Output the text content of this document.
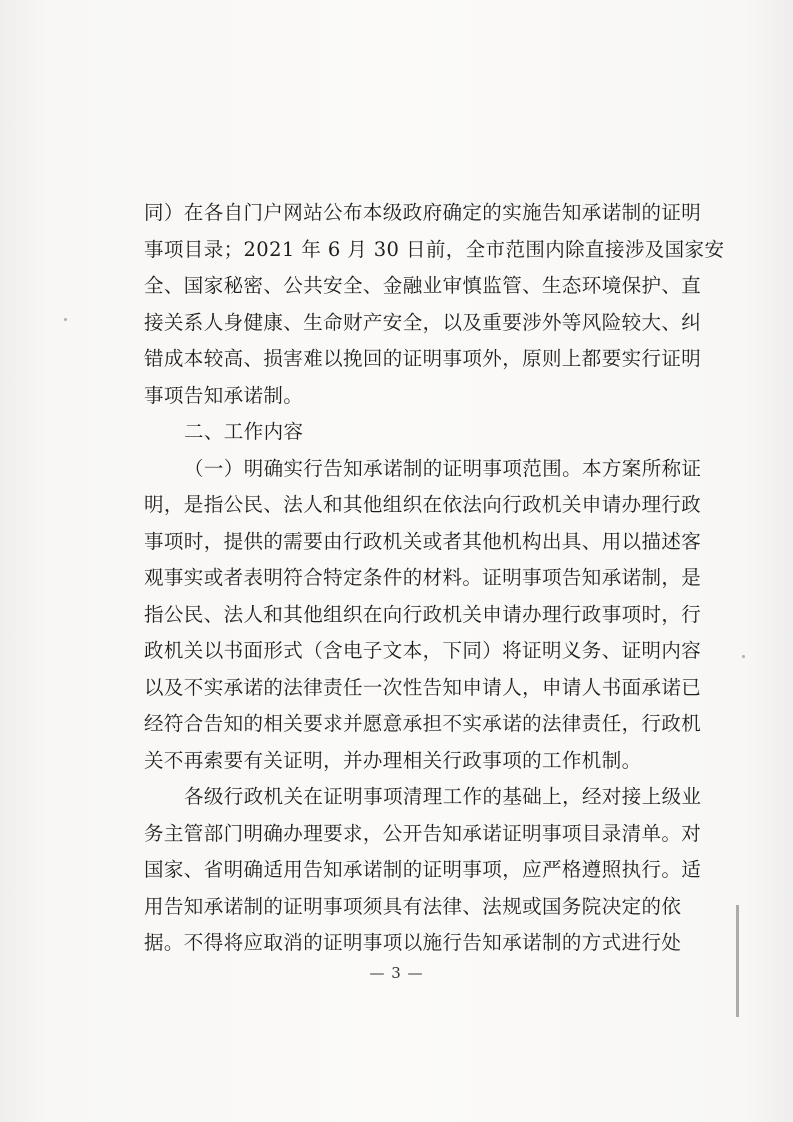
同）在各自门户网站公布本级政府确定的实施告知承诺制的证明
事项目录；2021 年 6 月 30 日前，全市范围内除直接涉及国家安
全、国家秘密、公共安全、金融业审慎监管、生态环境保护、直
接关系人身健康、生命财产安全，以及重要涉外等风险较大、纠
错成本较高、损害难以挽回的证明事项外，原则上都要实行证明
事项告知承诺制。
二、工作内容
（一）明确实行告知承诺制的证明事项范围。本方案所称证
明，是指公民、法人和其他组织在依法向行政机关申请办理行政
事项时，提供的需要由行政机关或者其他机构出具、用以描述客
观事实或者表明符合特定条件的材料。证明事项告知承诺制，是
指公民、法人和其他组织在向行政机关申请办理行政事项时，行
政机关以书面形式（含电子文本，下同）将证明义务、证明内容
以及不实承诺的法律责任一次性告知申请人，申请人书面承诺已
经符合告知的相关要求并愿意承担不实承诺的法律责任，行政机
关不再索要有关证明，并办理相关行政事项的工作机制。
各级行政机关在证明事项清理工作的基础上，经对接上级业
务主管部门明确办理要求，公开告知承诺证明事项目录清单。对
国家、省明确适用告知承诺制的证明事项，应严格遵照执行。适
用告知承诺制的证明事项须具有法律、法规或国务院决定的依
据。不得将应取消的证明事项以施行告知承诺制的方式进行处
— 3 —
